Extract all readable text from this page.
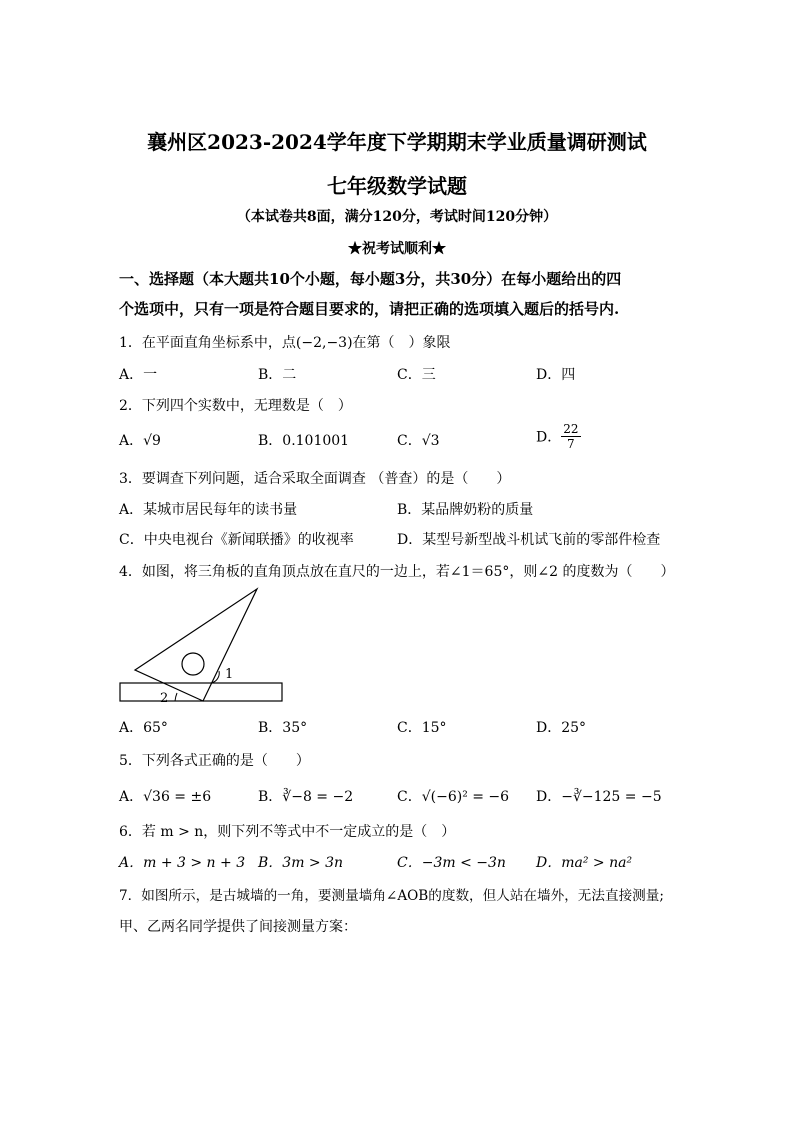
襄州区2023-2024学年度下学期期末学业质量调研测试
七年级数学试题
（本试卷共8面，满分120分，考试时间120分钟）
★祝考试顺利★
一、选择题（本大题共10个小题，每小题3分，共30分）在每小题给出的四
个选项中，只有一项是符合题目要求的，请把正确的选项填入题后的括号内.
1．在平面直角坐标系中，点(−2,−3)在第（　）象限
A．一	B．二	C．三	D．四
2．下列四个实数中，无理数是（　）
A．√9	B．0.101001	C．√3	D． $\frac{22}{7}$
3．要调查下列问题，适合采取全面调查 （普查）的是（　　）
A．某城市居民每年的读书量	B．某品牌奶粉的质量
C．中央电视台《新闻联播》的收视率	D．某型号新型战斗机试飞前的零部件检查
4．如图，将三角板的直角顶点放在直尺的一边上，若∠1＝65°，则∠2 的度数为（　　）
1
2
A．65°	B．35°	C．15°	D．25°
5．下列各式正确的是（　　）
A．√36 = ±6	B．∛−8 = −2	C．√(−6)² = −6 D．−∛−125 = −5
6．若 m > n，则下列不等式中不一定成立的是（　）
A．m + 3 > n + 3 B．3m > 3n	C．−3m < −3n D．ma² > na²
7．如图所示，是古城墙的一角，要测量墙角∠AOB的度数，但人站在墙外，无法直接测量;
甲、乙两名同学提供了间接测量方案：
